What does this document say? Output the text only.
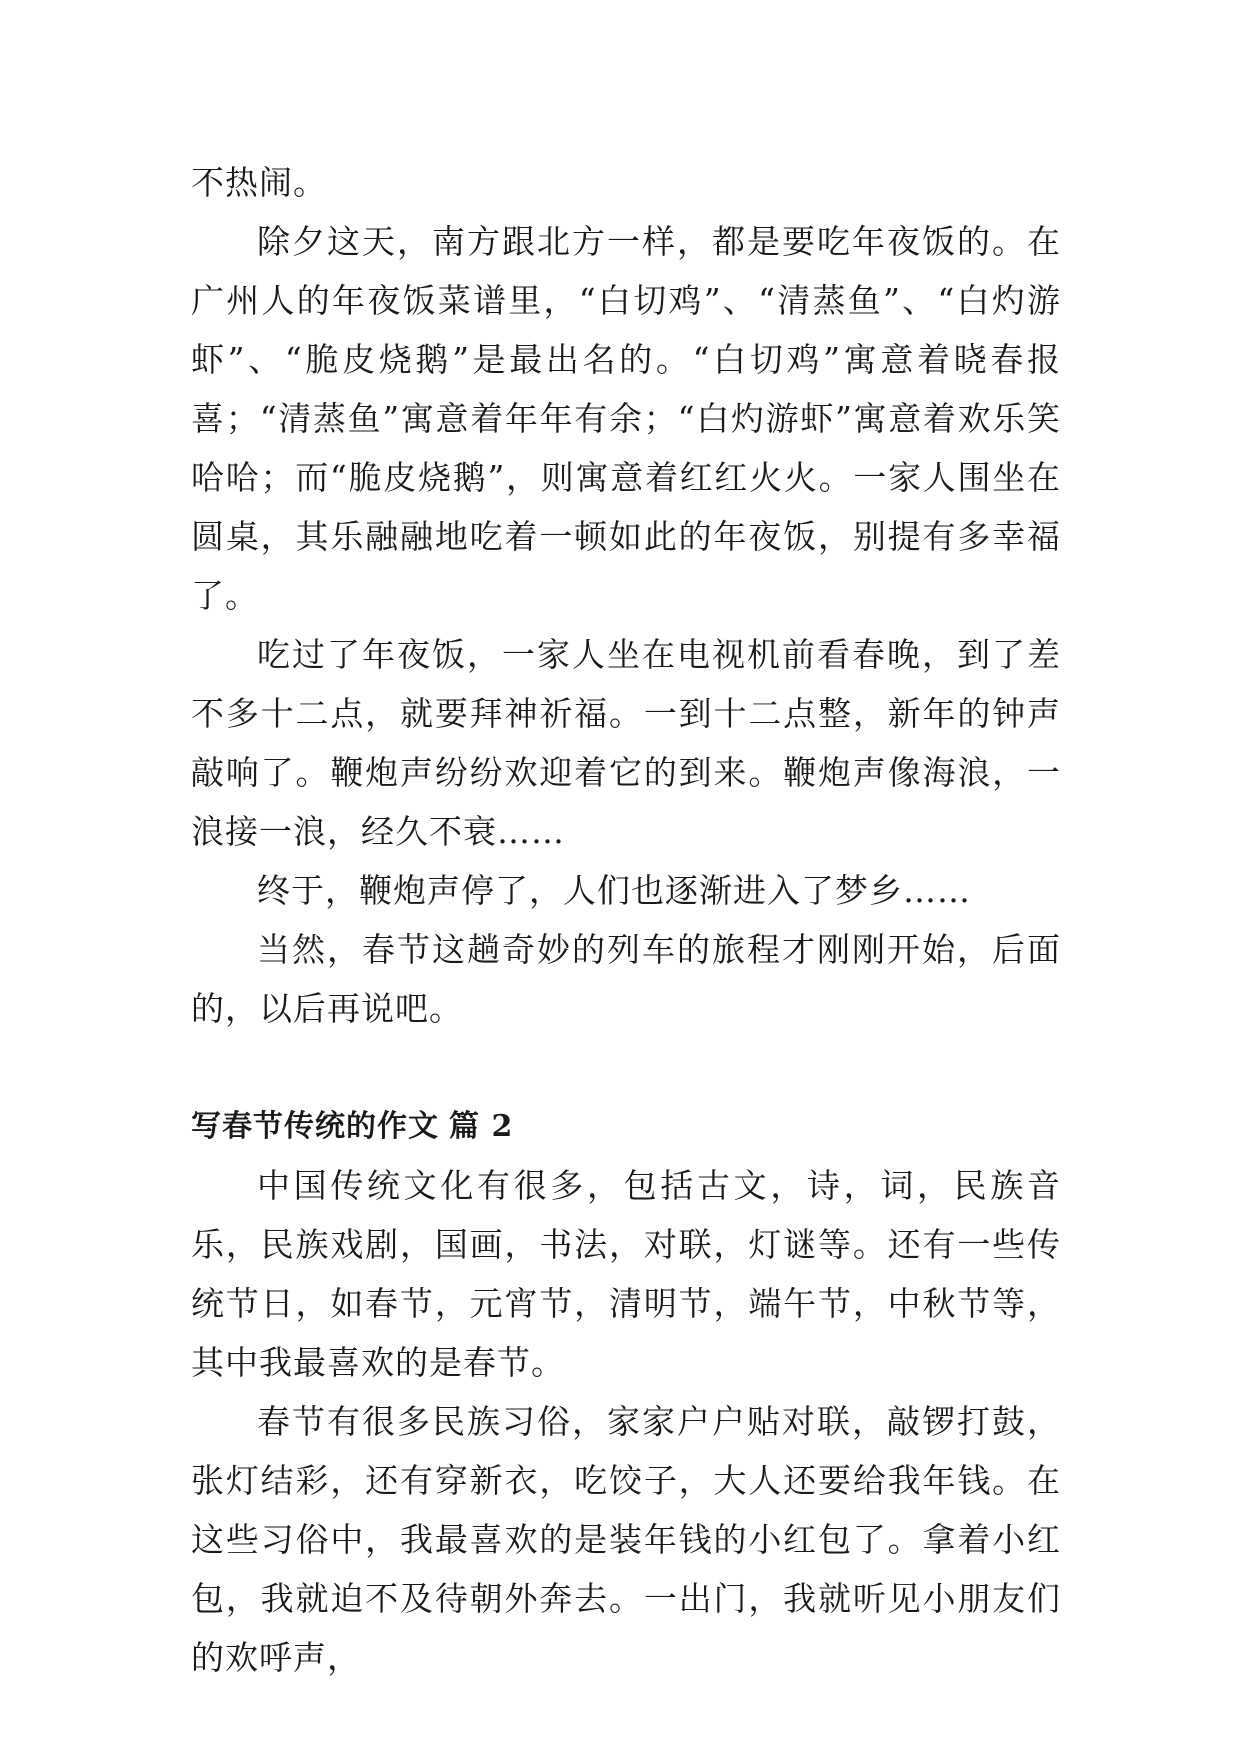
不热闹。

除夕这天，南方跟北方一样，都是要吃年夜饭的。在广州人的年夜饭菜谱里，“白切鸡”、“清蒸鱼”、“白灼游虾”、“脆皮烧鹅”是最出名的。“白切鸡”寓意着晓春报喜；“清蒸鱼”寓意着年年有余；“白灼游虾”寓意着欢乐笑哈哈；而“脆皮烧鹅”，则寓意着红红火火。一家人围坐在圆桌，其乐融融地吃着一顿如此的年夜饭，别提有多幸福了。

吃过了年夜饭，一家人坐在电视机前看春晚，到了差不多十二点，就要拜神祈福。一到十二点整，新年的钟声敲响了。鞭炮声纷纷欢迎着它的到来。鞭炮声像海浪，一浪接一浪，经久不衰……

终于，鞭炮声停了，人们也逐渐进入了梦乡……

当然，春节这趟奇妙的列车的旅程才刚刚开始，后面的，以后再说吧。

写春节传统的作文 篇 2

中国传统文化有很多，包括古文，诗，词，民族音乐，民族戏剧，国画，书法，对联，灯谜等。还有一些传统节日，如春节，元宵节，清明节，端午节，中秋节等，其中我最喜欢的是春节。

春节有很多民族习俗，家家户户贴对联，敲锣打鼓，张灯结彩，还有穿新衣，吃饺子，大人还要给我年钱。在这些习俗中，我最喜欢的是装年钱的小红包了。拿着小红包，我就迫不及待朝外奔去。一出门，我就听见小朋友们的欢呼声，
